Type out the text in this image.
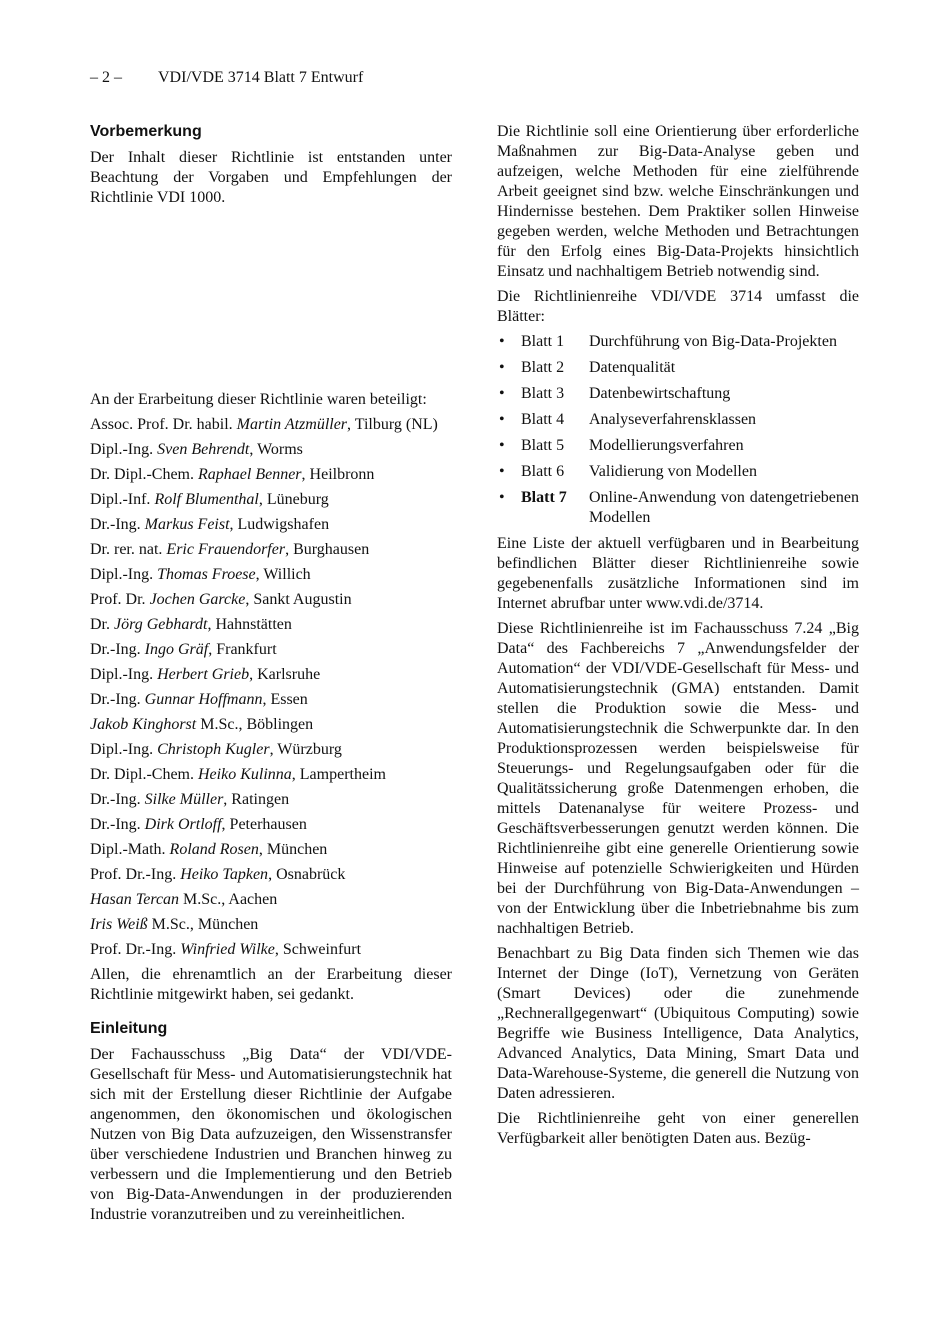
– 2 – VDI/VDE 3714 Blatt 7 Entwurf
Vorbemerkung

Der Inhalt dieser Richtlinie ist entstanden unter Beachtung der Vorgaben und Empfehlungen der Richtlinie VDI 1000.

An der Erarbeitung dieser Richtlinie waren beteiligt:

Assoc. Prof. Dr. habil. Martin Atzmüller, Tilburg (NL)

Dipl.-Ing. Sven Behrendt, Worms

Dr. Dipl.-Chem. Raphael Benner, Heilbronn

Dipl.-Inf. Rolf Blumenthal, Lüneburg

Dr.-Ing. Markus Feist, Ludwigshafen

Dr. rer. nat. Eric Frauendorfer, Burghausen

Dipl.-Ing. Thomas Froese, Willich

Prof. Dr. Jochen Garcke, Sankt Augustin

Dr. Jörg Gebhardt, Hahnstätten

Dr.-Ing. Ingo Gräf, Frankfurt

Dipl.-Ing. Herbert Grieb, Karlsruhe

Dr.-Ing. Gunnar Hoffmann, Essen

Jakob Kinghorst M.Sc., Böblingen

Dipl.-Ing. Christoph Kugler, Würzburg

Dr. Dipl.-Chem. Heiko Kulinna, Lampertheim

Dr.-Ing. Silke Müller, Ratingen

Dr.-Ing. Dirk Ortloff, Peterhausen

Dipl.-Math. Roland Rosen, München

Prof. Dr.-Ing. Heiko Tapken, Osnabrück

Hasan Tercan M.Sc., Aachen

Iris Weiß M.Sc., München

Prof. Dr.-Ing. Winfried Wilke, Schweinfurt

Allen, die ehrenamtlich an der Erarbeitung dieser Richtlinie mitgewirkt haben, sei gedankt.

Einleitung

Der Fachausschuss „Big Data“ der VDI/VDE-Gesellschaft für Mess- und Automatisierungstechnik hat sich mit der Erstellung dieser Richtlinie der Aufgabe angenommen, den ökonomischen und ökologischen Nutzen von Big Data aufzuzeigen, den Wissenstransfer über verschiedene Industrien und Branchen hinweg zu verbessern und die Implementierung und den Betrieb von Big-Data-Anwendungen in der produzierenden Industrie voranzutreiben und zu vereinheitlichen.

Die Richtlinie soll eine Orientierung über erforderliche Maßnahmen zur Big-Data-Analyse geben und aufzeigen, welche Methoden für eine zielführende Arbeit geeignet sind bzw. welche Einschränkungen und Hindernisse bestehen. Dem Praktiker sollen Hinweise gegeben werden, welche Methoden und Betrachtungen für den Erfolg eines Big-Data-Projekts hinsichtlich Einsatz und nachhaltigem Betrieb notwendig sind.

Die Richtlinienreihe VDI/VDE 3714 umfasst die Blätter:

•	Blatt 1	Durchführung von Big-Data-Projekten
•	Blatt 2	Datenqualität
•	Blatt 3	Datenbewirtschaftung
•	Blatt 4	Analyseverfahrensklassen
•	Blatt 5	Modellierungsverfahren
•	Blatt 6	Validierung von Modellen
•	Blatt 7	Online-Anwendung von datengetriebenen Modellen

Eine Liste der aktuell verfügbaren und in Bearbeitung befindlichen Blätter dieser Richtlinienreihe sowie gegebenenfalls zusätzliche Informationen sind im Internet abrufbar unter www.vdi.de/3714.

Diese Richtlinienreihe ist im Fachausschuss 7.24 „Big Data“ des Fachbereichs 7 „Anwendungsfelder der Automation“ der VDI/VDE-Gesellschaft für Mess- und Automatisierungstechnik (GMA) entstanden. Damit stellen die Produktion sowie die Mess- und Automatisierungstechnik die Schwerpunkte dar. In den Produktionsprozessen werden beispielsweise für Steuerungs- und Regelungsaufgaben oder für die Qualitätssicherung große Datenmengen erhoben, die mittels Datenanalyse für weitere Prozess- und Geschäftsverbesserungen genutzt werden können. Die Richtlinienreihe gibt eine generelle Orientierung sowie Hinweise auf potenzielle Schwierigkeiten und Hürden bei der Durchführung von Big-Data-Anwendungen – von der Entwicklung über die Inbetriebnahme bis zum nachhaltigen Betrieb.

Benachbart zu Big Data finden sich Themen wie das Internet der Dinge (IoT), Vernetzung von Geräten (Smart Devices) oder die zunehmende „Rechnerallgegenwart“ (Ubiquitous Computing) sowie Begriffe wie Business Intelligence, Data Analytics, Advanced Analytics, Data Mining, Smart Data und Data-Warehouse-Systeme, die generell die Nutzung von Daten adressieren.

Die Richtlinienreihe geht von einer generellen Verfügbarkeit aller benötigten Daten aus. Bezüg-
